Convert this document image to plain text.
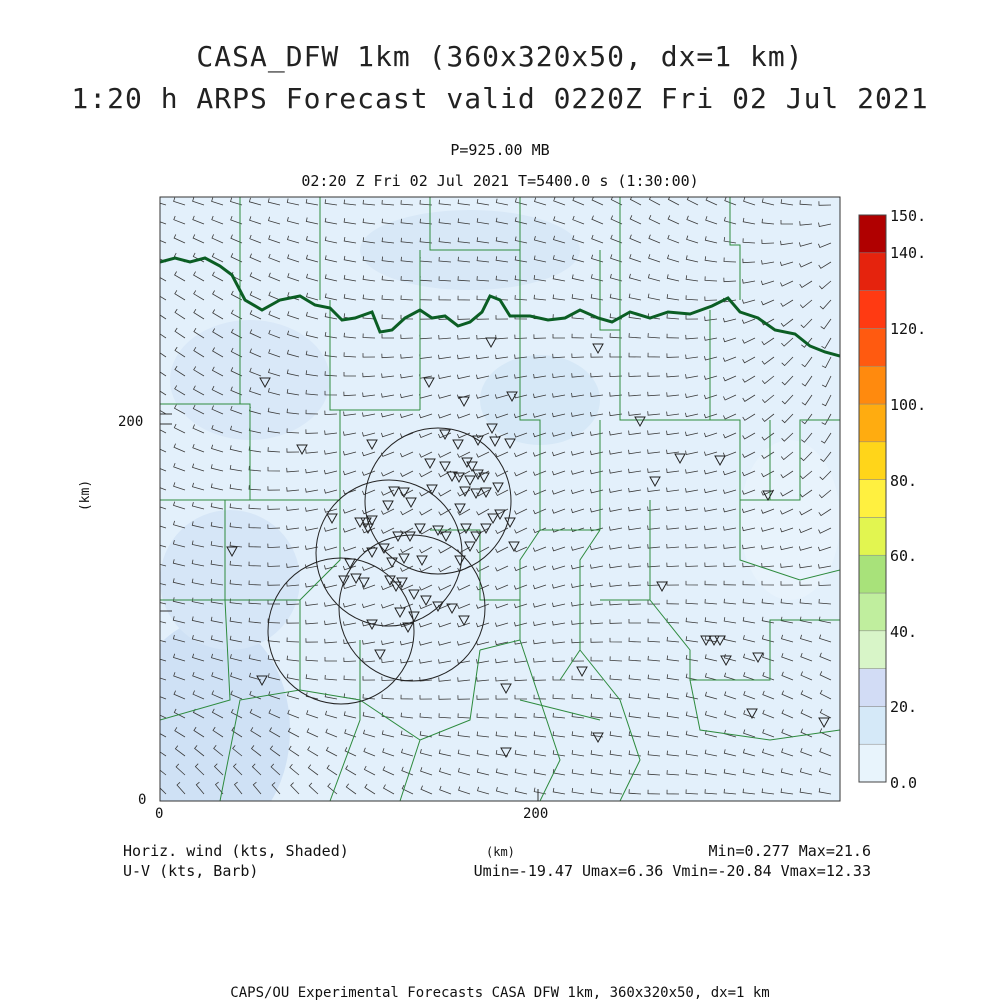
CASA_DFW 1km (360x320x50, dx=1 km)
1:20 h ARPS Forecast valid 0220Z Fri 02 Jul 2021
P=925.00 MB
02:20 Z Fri 02 Jul 2021 T=5400.0 s (1:30:00)
200
0
0	200
(km)
(km)
150.
140.
120.
100.
80.
60.
40.
20.
0.0
Horiz. wind (kts, Shaded)
U-V (kts, Barb)
Min=0.277 Max=21.6
Umin=-19.47 Umax=6.36 Vmin=-20.84 Vmax=12.33
CAPS/OU Experimental Forecasts CASA DFW 1km, 360x320x50, dx=1 km
